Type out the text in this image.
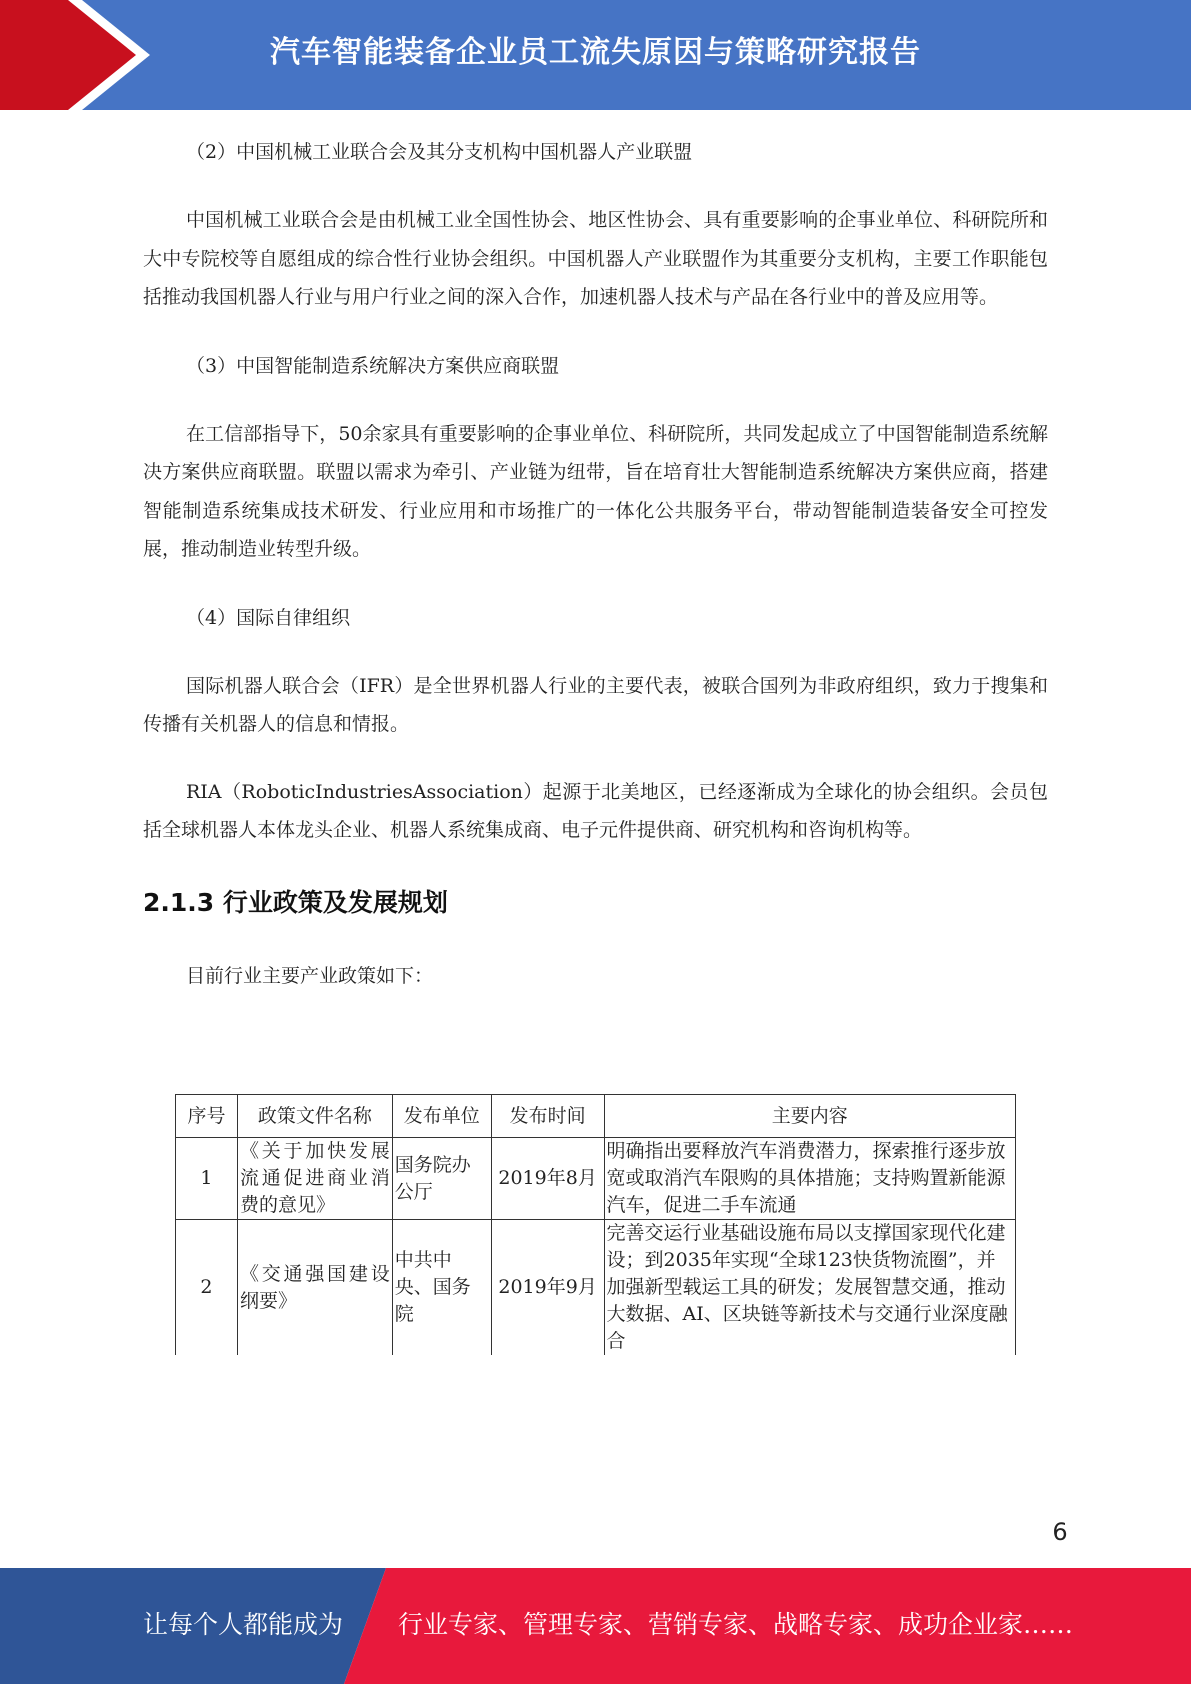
汽车智能装备企业员工流失原因与策略研究报告

（2）中国机械工业联合会及其分支机构中国机器人产业联盟

中国机械工业联合会是由机械工业全国性协会、地区性协会、具有重要影响的企事业单位、科研院所和大中专院校等自愿组成的综合性行业协会组织。中国机器人产业联盟作为其重要分支机构，主要工作职能包括推动我国机器人行业与用户行业之间的深入合作，加速机器人技术与产品在各行业中的普及应用等。

（3）中国智能制造系统解决方案供应商联盟

在工信部指导下，50余家具有重要影响的企事业单位、科研院所，共同发起成立了中国智能制造系统解决方案供应商联盟。联盟以需求为牵引、产业链为纽带，旨在培育壮大智能制造系统解决方案供应商，搭建智能制造系统集成技术研发、行业应用和市场推广的一体化公共服务平台，带动智能制造装备安全可控发展，推动制造业转型升级。

（4）国际自律组织

国际机器人联合会（IFR）是全世界机器人行业的主要代表，被联合国列为非政府组织，致力于搜集和传播有关机器人的信息和情报。

RIA（RoboticIndustriesAssociation）起源于北美地区，已经逐渐成为全球化的协会组织。会员包括全球机器人本体龙头企业、机器人系统集成商、电子元件提供商、研究机构和咨询机构等。

2.1.3 行业政策及发展规划

目前行业主要产业政策如下：

序号	政策文件名称	发布单位	发布时间	主要内容
1	《关于加快发展流通促进商业消费的意见》	国务院办公厅	2019年8月	明确指出要释放汽车消费潜力，探索推行逐步放宽或取消汽车限购的具体措施；支持购置新能源汽车，促进二手车流通
2	《交通强国建设纲要》	中共中央、国务院	2019年9月	完善交运行业基础设施布局以支撑国家现代化建设；到2035年实现“全球123快货物流圈”，并加强新型载运工具的研发；发展智慧交通，推动大数据、AI、区块链等新技术与交通行业深度融合
6
让每个人都能成为 行业专家、管理专家、营销专家、战略专家、成功企业家……
